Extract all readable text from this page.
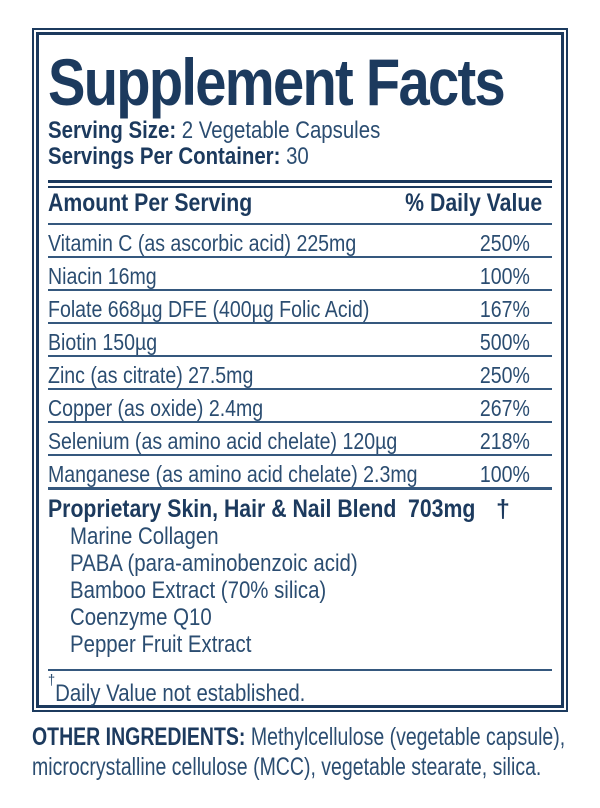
Supplement Facts
Serving Size: 2 Vegetable Capsules
Servings Per Container: 30
Amount Per Serving	% Daily Value
Vitamin C (as ascorbic acid) 225mg	250%
Niacin 16mg	100%
Folate 668µg DFE (400µg Folic Acid)	167%
Biotin 150µg	500%
Zinc (as citrate) 27.5mg	250%
Copper (as oxide) 2.4mg	267%
Selenium (as amino acid chelate) 120µg	218%
Manganese (as amino acid chelate) 2.3mg	100%
Proprietary Skin, Hair & Nail Blend 703mg †
Marine Collagen
PABA (para-aminobenzoic acid)
Bamboo Extract (70% silica)
Coenzyme Q10
Pepper Fruit Extract
†Daily Value not established.
OTHER INGREDIENTS: Methylcellulose (vegetable capsule),
microcrystalline cellulose (MCC), vegetable stearate, silica.
